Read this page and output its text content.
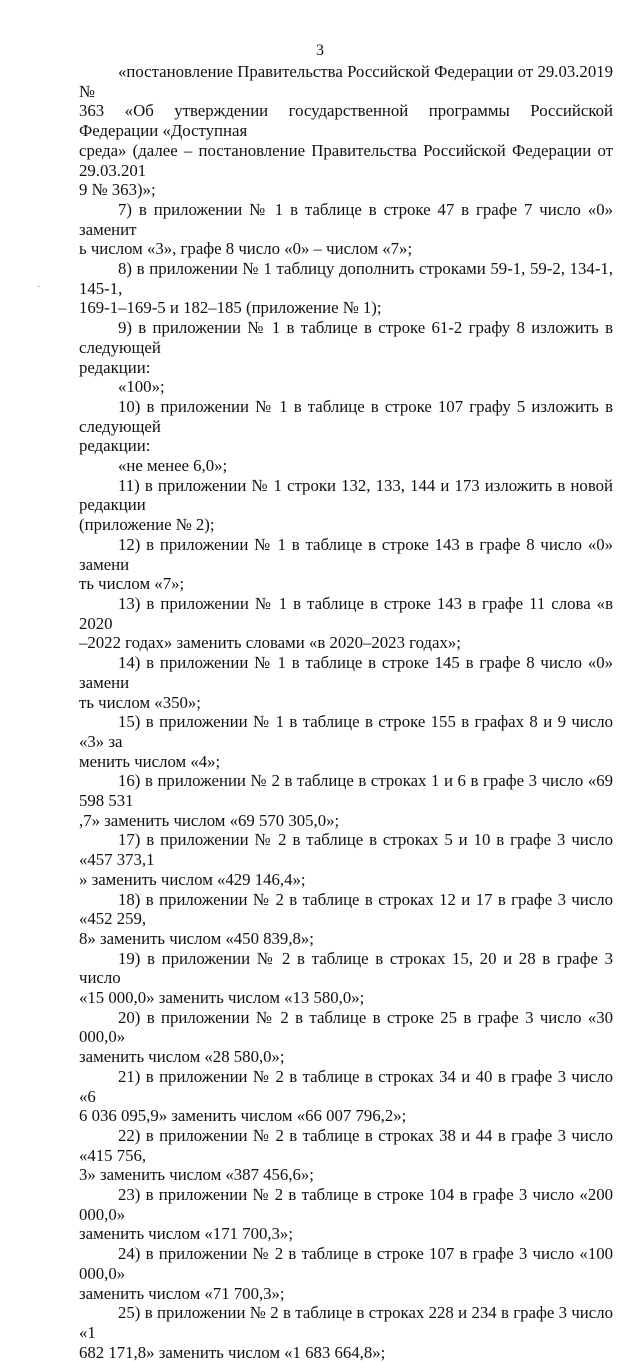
3

«постановление Правительства Российской Федерации от 29.03.2019 №
363 «Об утверждении государственной программы Российской Федерации «Доступная
среда» (далее – постановление Правительства Российской Федерации от 29.03.201
9 № 363)»;

7) в приложении № 1 в таблице в строке 47 в графе 7 число «0» заменит
ь числом «3», графе 8 число «0» – числом «7»;

8) в приложении № 1 таблицу дополнить строками 59-1, 59-2, 134-1, 145-1,
169-1–169-5 и 182–185 (приложение № 1);

9) в приложении № 1 в таблице в строке 61-2 графу 8 изложить в следующей
редакции:

«100»;

10) в приложении № 1 в таблице в строке 107 графу 5 изложить в следующей
редакции:

«не менее 6,0»;

11) в приложении № 1 строки 132, 133, 144 и 173 изложить в новой редакции
(приложение № 2);

12) в приложении № 1 в таблице в строке 143 в графе 8 число «0» замени
ть числом «7»;

13) в приложении № 1 в таблице в строке 143 в графе 11 слова «в 2020
–2022 годах» заменить словами «в 2020–2023 годах»;

14) в приложении № 1 в таблице в строке 145 в графе 8 число «0» замени
ть числом «350»;

15) в приложении № 1 в таблице в строке 155 в графах 8 и 9 число «3» за
менить числом «4»;

16) в приложении № 2 в таблице в строках 1 и 6 в графе 3 число «69 598 531
,7» заменить числом «69 570 305,0»;

17) в приложении № 2 в таблице в строках 5 и 10 в графе 3 число «457 373,1
» заменить числом «429 146,4»;

18) в приложении № 2 в таблице в строках 12 и 17 в графе 3 число «452 259,
8» заменить числом «450 839,8»;

19) в приложении № 2 в таблице в строках 15, 20 и 28 в графе 3 число
«15 000,0» заменить числом «13 580,0»;

20) в приложении № 2 в таблице в строке 25 в графе 3 число «30 000,0»
заменить числом «28 580,0»;

21) в приложении № 2 в таблице в строках 34 и 40 в графе 3 число «6
6 036 095,9» заменить числом «66 007 796,2»;

22) в приложении № 2 в таблице в строках 38 и 44 в графе 3 число «415 756,
3» заменить числом «387 456,6»;

23) в приложении № 2 в таблице в строке 104 в графе 3 число «200 000,0»
заменить числом «171 700,3»;

24) в приложении № 2 в таблице в строке 107 в графе 3 число «100 000,0»
заменить числом «71 700,3»;

25) в приложении № 2 в таблице в строках 228 и 234 в графе 3 число «1
682 171,8» заменить числом «1 683 664,8»;
